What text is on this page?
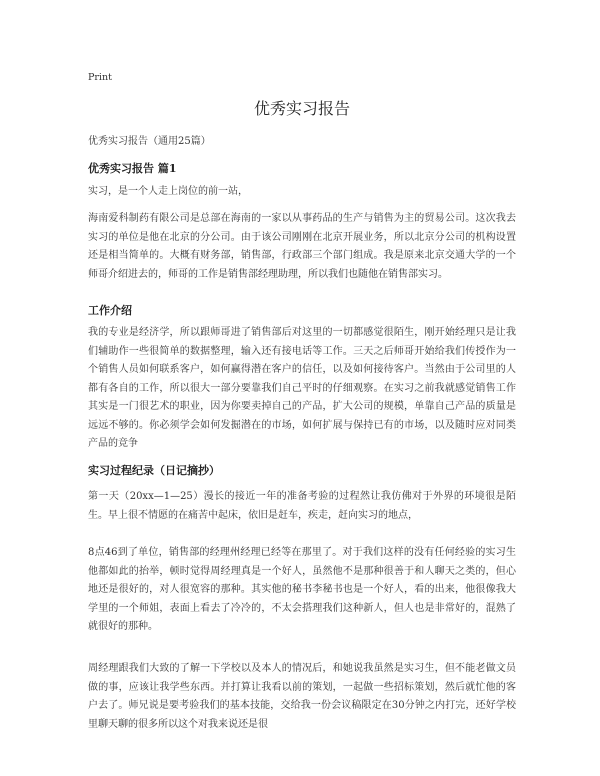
Print
优秀实习报告
优秀实习报告（通用25篇）
优秀实习报告 篇1
实习，是一个人走上岗位的前一站，
海南爱科制药有限公司是总部在海南的一家以从事药品的生产与销售为主的贸易公司。这次我去实习的单位是他在北京的分公司。由于该公司刚刚在北京开展业务，所以北京分公司的机构设置还是相当简单的。大概有财务部，销售部，行政部三个部门组成。我是原来北京交通大学的一个师哥介绍进去的，师哥的工作是销售部经理助理，所以我们也随他在销售部实习。
工作介绍
我的专业是经济学，所以跟师哥进了销售部后对这里的一切都感觉很陌生，刚开始经理只是让我们辅助作一些很简单的数据整理，输入还有接电话等工作。三天之后师哥开始给我们传授作为一个销售人员如何联系客户，如何赢得潜在客户的信任，以及如何接待客户。当然由于公司里的人都有各自的工作，所以很大一部分要靠我们自己平时的仔细观察。在实习之前我就感觉销售工作其实是一门很艺术的职业，因为你要卖掉自己的产品，扩大公司的规模，单靠自己产品的质量是远远不够的。你必须学会如何发掘潜在的市场，如何扩展与保持已有的市场，以及随时应对同类产品的竞争
实习过程纪录（日记摘抄）
第一天（20xx—1—25）漫长的接近一年的准备考验的过程然让我仿佛对于外界的环境很是陌生。早上很不情愿的在痛苦中起床，依旧是赶车，疾走，赶向实习的地点，
8点46到了单位，销售部的经理州经理已经等在那里了。对于我们这样的没有任何经验的实习生他都如此的抬举，顿时觉得周经理真是一个好人，虽然他不是那种很善于和人聊天之类的，但心地还是很好的，对人很宽容的那种。其实他的秘书李秘书也是一个好人，看的出来，他很像我大学里的一个师姐，表面上看去了冷冷的，不太会搭理我们这种新人，但人也是非常好的，混熟了就很好的那种。
周经理跟我们大致的了解一下学校以及本人的情况后，和她说我虽然是实习生，但不能老做文员做的事，应该让我学些东西。并打算让我看以前的策划，一起做一些招标策划，然后就忙他的客户去了。师兄说是要考验我们的基本技能，交给我一份会议稿限定在30分钟之内打完，还好学校里聊天聊的很多所以这个对我来说还是很
